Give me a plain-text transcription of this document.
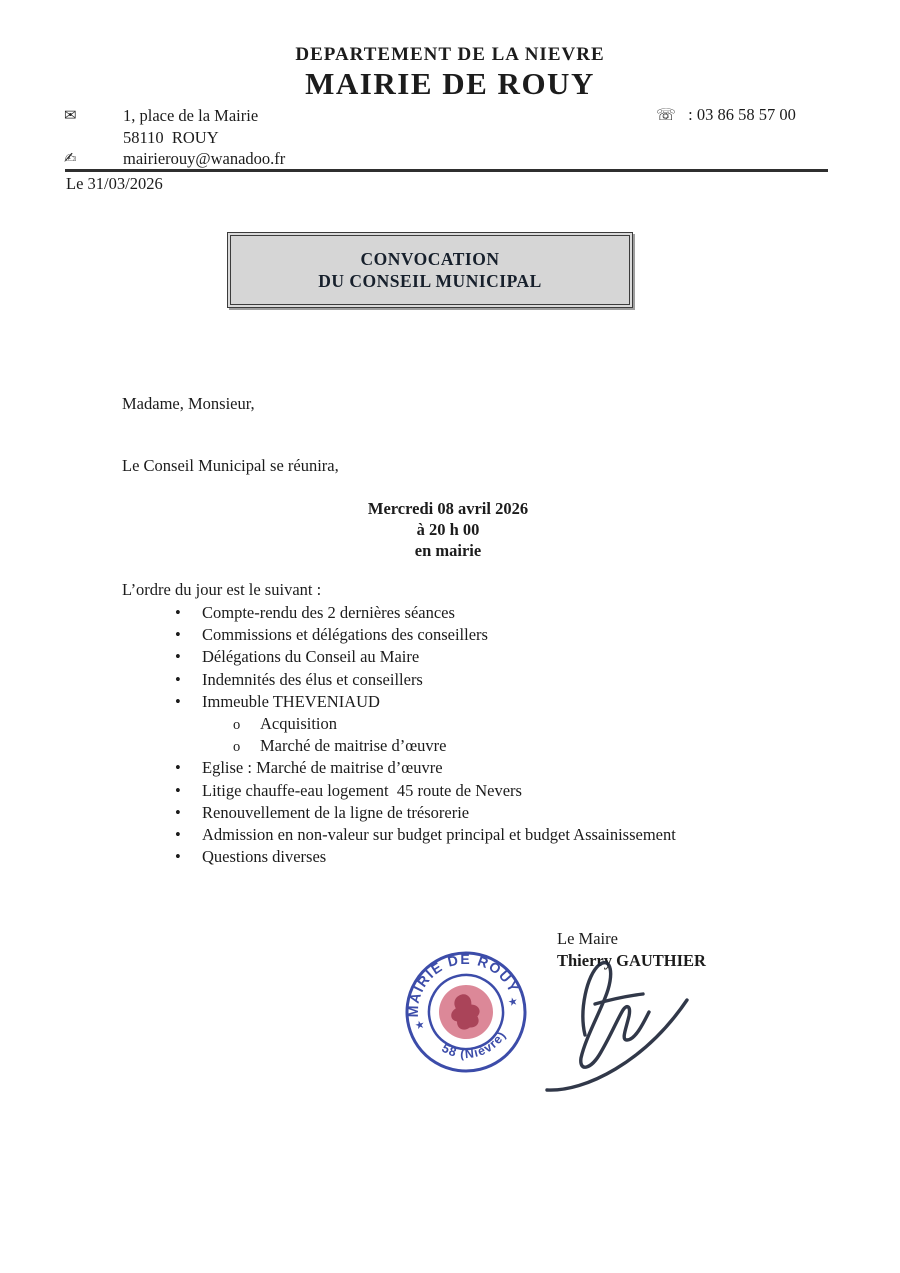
DEPARTEMENT DE LA NIEVRE
MAIRIE DE ROUY
✉	1, place de la Mairie
58110  ROUY
✍	mairierouy@wanadoo.fr
☏ : 03 86 58 57 00
Le 31/03/2026
CONVOCATION
DU CONSEIL MUNICIPAL
Madame, Monsieur,
Le Conseil Municipal se réunira,
Mercredi 08 avril 2026
à 20 h 00
en mairie
L’ordre du jour est le suivant :
•	Compte-rendu des 2 dernières séances
•	Commissions et délégations des conseillers
•	Délégations du Conseil au Maire
•	Indemnités des élus et conseillers
•	Immeuble THEVENIAUD
o	Acquisition
o	Marché de maitrise d’œuvre
•	Eglise : Marché de maitrise d’œuvre
•	Litige chauffe-eau logement  45 route de Nevers
•	Renouvellement de la ligne de trésorerie
•	Admission en non-valeur sur budget principal et budget Assainissement
•	Questions diverses
Le Maire
Thierry GAUTHIER
MAIRIE DE ROUY
58 (Nièvre)
★
★
